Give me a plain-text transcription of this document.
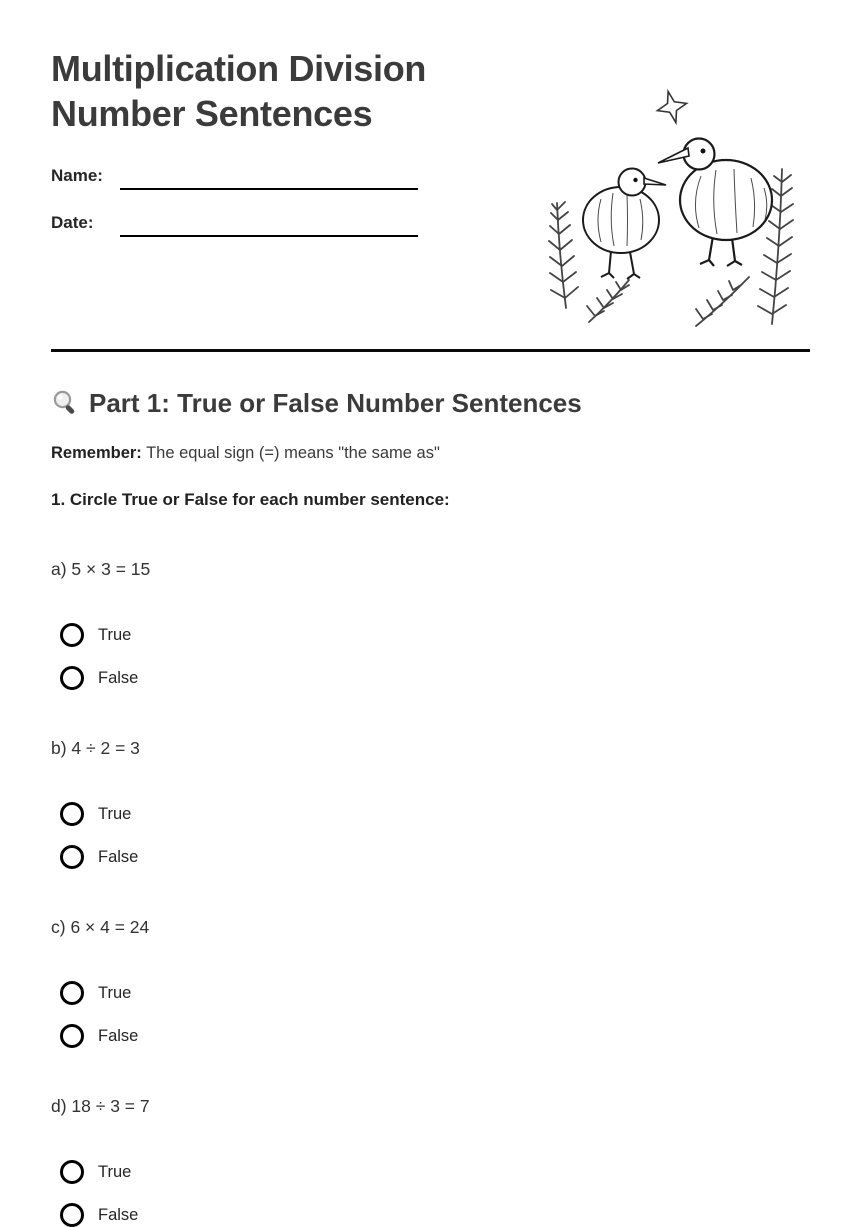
Multiplication Division
Number Sentences
Name:
Date:
Part 1: True or False Number Sentences
Remember: The equal sign (=) means "the same as"
1. Circle True or False for each number sentence:
a) 5 × 3 = 15
True
False
b) 4 ÷ 2 = 3
True
False
c) 6 × 4 = 24
True
False
d) 18 ÷ 3 = 7
True
False
